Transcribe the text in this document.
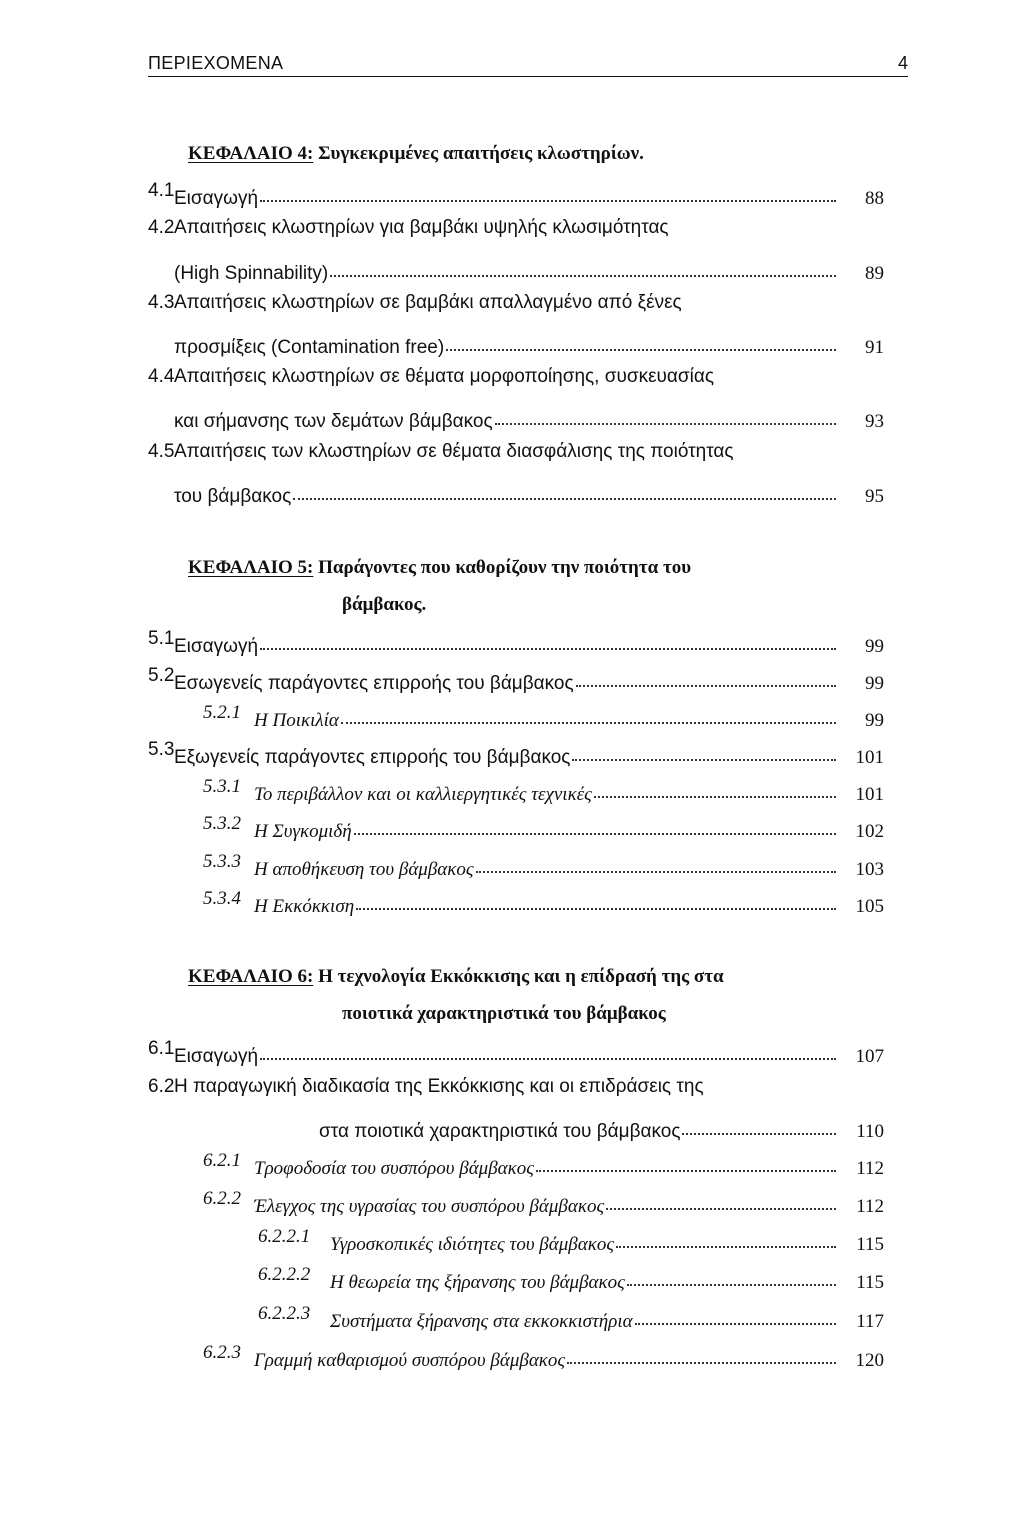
ΠΕΡΙΕΧΟΜΕΝΑ	4
ΚΕΦΑΛΑΙΟ 4: Συγκεκριμένες απαιτήσεις κλωστηρίων.
4.1 Εισαγωγή	88
4.2 Απαιτήσεις κλωστηρίων για βαμβάκι υψηλής κλωσιμότητας
(High Spinnability)	89
4.3 Απαιτήσεις κλωστηρίων σε βαμβάκι απαλλαγμένο από ξένες
προσμίξεις (Contamination free)	91
4.4 Απαιτήσεις κλωστηρίων σε θέματα μορφοποίησης, συσκευασίας
και σήμανσης των δεμάτων βάμβακος	93
4.5 Απαιτήσεις των κλωστηρίων σε θέματα διασφάλισης της ποιότητας
του βάμβακος	95
ΚΕΦΑΛΑΙΟ 5: Παράγοντες που καθορίζουν την ποιότητα του
βάμβακος.
5.1 Εισαγωγή	99
5.2 Εσωγενείς παράγοντες επιρροής του βάμβακος	99
5.2.1 Η Ποικιλία	99
5.3 Εξωγενείς παράγοντες επιρροής του βάμβακος	101
5.3.1 Το περιβάλλον και οι καλλιεργητικές τεχνικές	101
5.3.2 Η Συγκομιδή	102
5.3.3 Η αποθήκευση του βάμβακος	103
5.3.4 Η Εκκόκκιση	105
ΚΕΦΑΛΑΙΟ 6: Η τεχνολογία Εκκόκκισης και η επίδρασή της στα
ποιοτικά χαρακτηριστικά του βάμβακος
6.1 Εισαγωγή	107
6.2 Η παραγωγική διαδικασία της Εκκόκκισης και οι επιδράσεις της
στα ποιοτικά χαρακτηριστικά του βάμβακος	110
6.2.1 Τροφοδοσία του συσπόρου βάμβακος	112
6.2.2 Έλεγχος της υγρασίας του συσπόρου βάμβακος	112
6.2.2.1 Υγροσκοπικές ιδιότητες του βάμβακος	115
6.2.2.2 Η θεωρεία της ξήρανσης του βάμβακος	115
6.2.2.3 Συστήματα ξήρανσης στα εκκοκκιστήρια	117
6.2.3 Γραμμή καθαρισμού συσπόρου βάμβακος	120
